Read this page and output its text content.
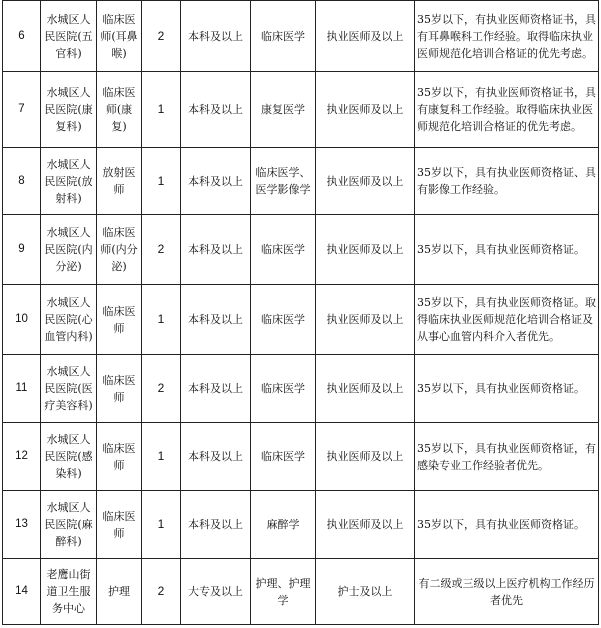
6	水城区人民医院(五官科)	临床医师(耳鼻喉)	2	本科及以上	临床医学	执业医师及以上	35岁以下，有执业医师资格证书，具有耳鼻喉科工作经验。取得临床执业医师规范化培训合格证的优先考虑。
7	水城区人民医院(康复科)	临床医师(康复)	1	本科及以上	康复医学	执业医师及以上	35岁以下，有执业医师资格证书，具有康复科工作经验。取得临床执业医师规范化培训合格证的优先考虑。
8	水城区人民医院(放射科)	放射医师	1	本科及以上	临床医学、医学影像学	执业医师及以上	35岁以下，具有执业医师资格证、具有影像工作经验。
9	水城区人民医院(内分泌)	临床医师(内分泌)	2	本科及以上	临床医学	执业医师及以上	35岁以下，具有执业医师资格证。
10	水城区人民医院(心血管内科)	临床医师	1	本科及以上	临床医学	执业医师及以上	35岁以下，具有执业医师资格证。取得临床执业医师规范化培训合格证及从事心血管内科介入者优先。
11	水城区人民医院(医疗美容科)	临床医师	2	本科及以上	临床医学	执业医师及以上	35岁以下，具有执业医师资格证。
12	水城区人民医院(感染科)	临床医师	1	本科及以上	临床医学	执业医师及以上	35岁以下，具有执业医师资格证，有感染专业工作经验者优先。
13	水城区人民医院(麻醉科)	临床医师	1	本科及以上	麻醉学	执业医师及以上	35岁以下，具有执业医师资格证。
14	老鹰山街道卫生服务中心	护理	2	大专及以上	护理、护理学	护士及以上	有二级或三级以上医疗机构工作经历者优先
